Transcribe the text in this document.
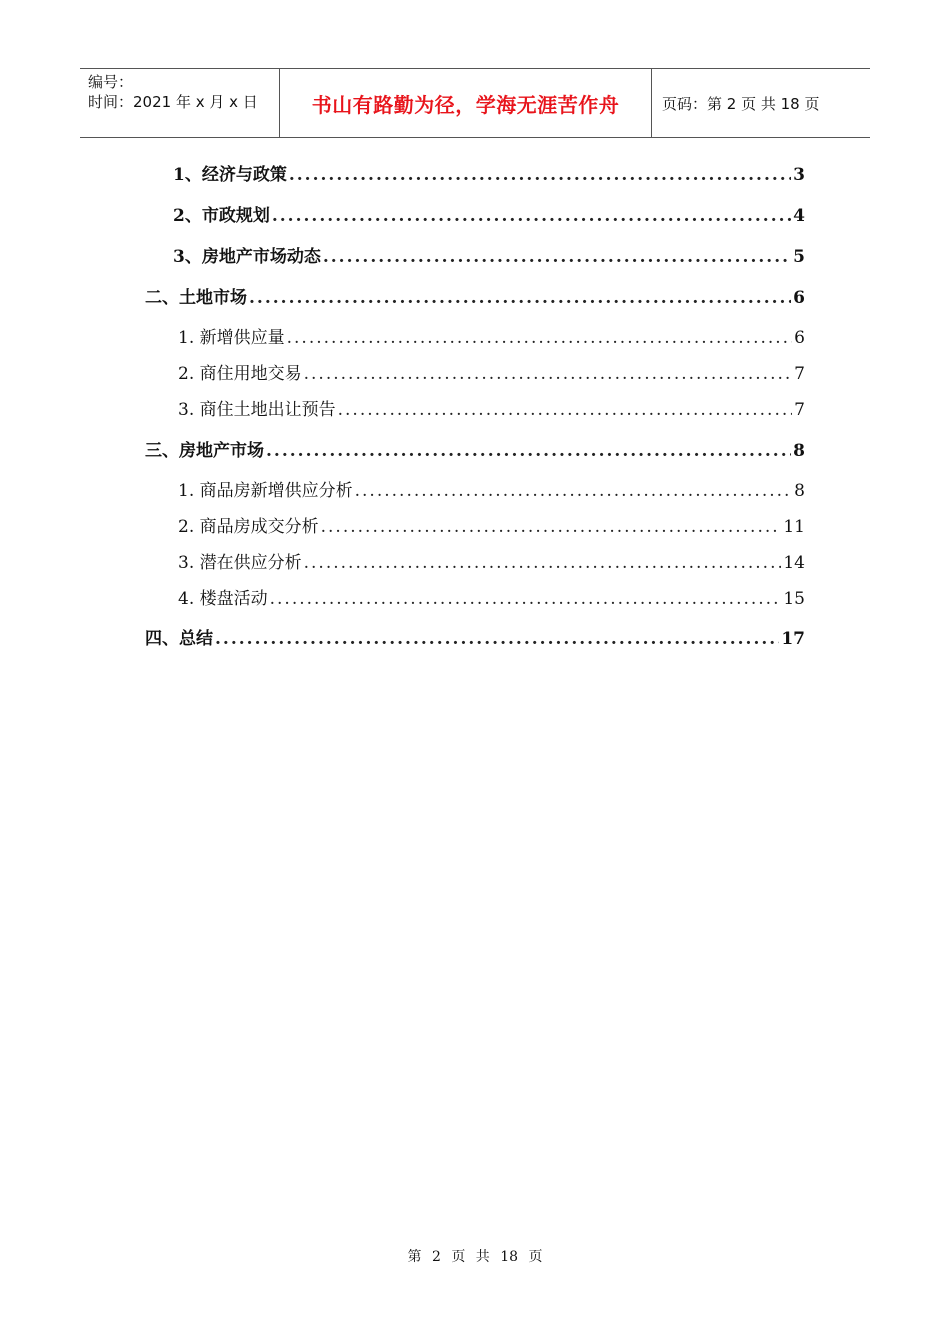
编号：
时间：2021 年 x 月 x 日	书山有路勤为径，学海无涯苦作舟	页码：第 2 页 共 18 页
1、经济与政策 .....	3
2、市政规划 .....	4
3、房地产市场动态 .....	5
二、土地市场 .....	6
1. 新增供应量 .....	6
2. 商住用地交易 .....	7
3. 商住土地出让预告 .....	7
三、房地产市场 .....	8
1. 商品房新增供应分析 .....	8
2. 商品房成交分析 .....	11
3. 潜在供应分析 .....	14
4. 楼盘活动 .....	15
四、总结 .....	17
第 2 页 共 18 页
